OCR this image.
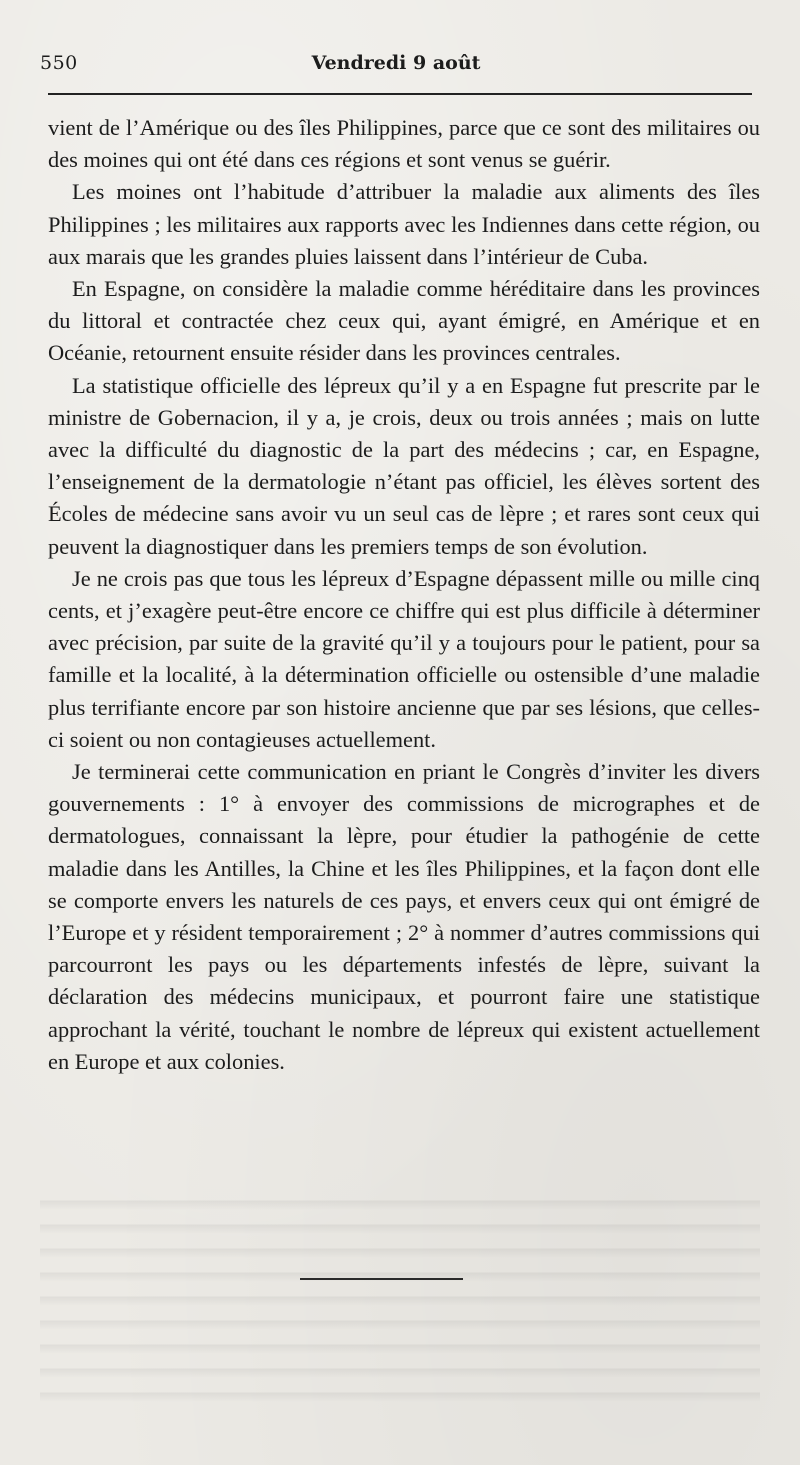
550	Vendredi 9 août

vient de l’Amérique ou des îles Philippines, parce que ce sont des militaires ou des moines qui ont été dans ces régions et sont venus se guérir.

Les moines ont l’habitude d’attribuer la maladie aux aliments des îles Philippines ; les militaires aux rapports avec les Indiennes dans cette région, ou aux marais que les grandes pluies laissent dans l’intérieur de Cuba.

En Espagne, on considère la maladie comme héréditaire dans les provinces du littoral et contractée chez ceux qui, ayant émigré, en Amérique et en Océanie, retournent ensuite résider dans les provinces centrales.

La statistique officielle des lépreux qu’il y a en Espagne fut prescrite par le ministre de Gobernacion, il y a, je crois, deux ou trois années ; mais on lutte avec la difficulté du diagnostic de la part des médecins ; car, en Espagne, l’enseignement de la dermatologie n’étant pas officiel, les élèves sortent des Écoles de médecine sans avoir vu un seul cas de lèpre ; et rares sont ceux qui peuvent la diagnostiquer dans les premiers temps de son évolution.

Je ne crois pas que tous les lépreux d’Espagne dépassent mille ou mille cinq cents, et j’exagère peut-être encore ce chiffre qui est plus difficile à déterminer avec précision, par suite de la gravité qu’il y a toujours pour le patient, pour sa famille et la localité, à la détermination officielle ou ostensible d’une maladie plus terrifiante encore par son histoire ancienne que par ses lésions, que celles-ci soient ou non contagieuses actuellement.

Je terminerai cette communication en priant le Congrès d’inviter les divers gouvernements : 1° à envoyer des commissions de micrographes et de dermatologues, connaissant la lèpre, pour étudier la pathogénie de cette maladie dans les Antilles, la Chine et les îles Philippines, et la façon dont elle se comporte envers les naturels de ces pays, et envers ceux qui ont émigré de l’Europe et y résident temporairement ; 2° à nommer d’autres commissions qui parcourront les pays ou les départements infestés de lèpre, suivant la déclaration des médecins municipaux, et pourront faire une statistique approchant la vérité, touchant le nombre de lépreux qui existent actuellement en Europe et aux colonies.
